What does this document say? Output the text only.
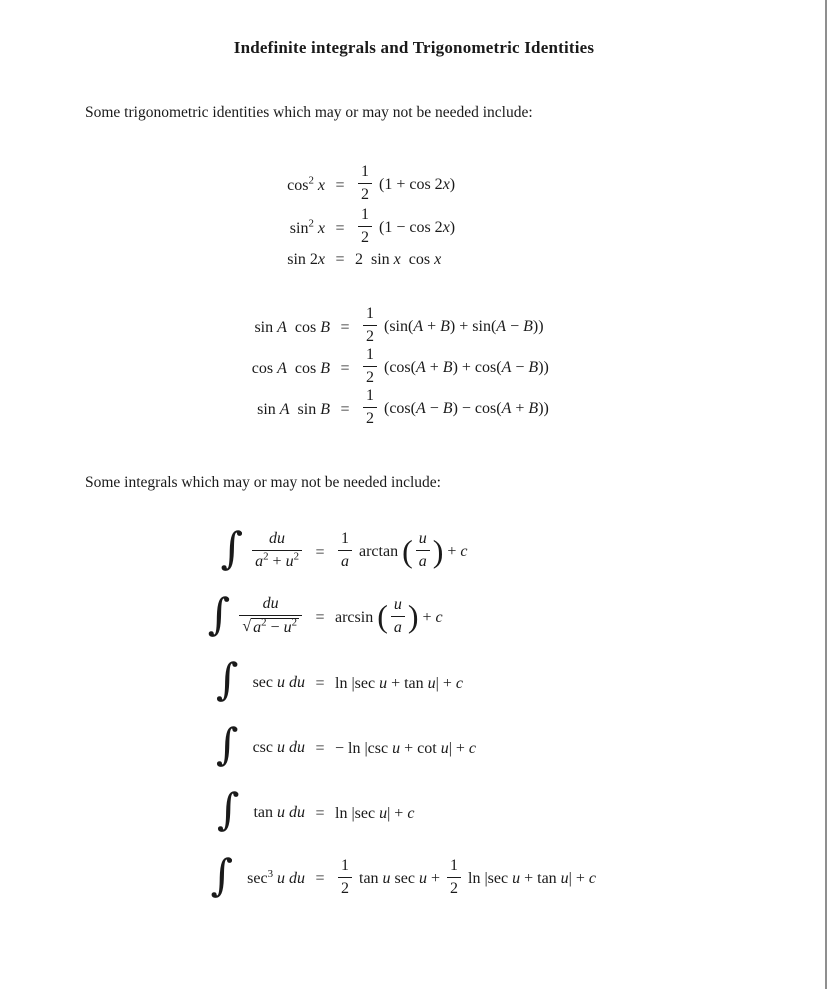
Indefinite integrals and Trigonometric Identities

Some trigonometric identities which may or may not be needed include:

$\cos^2 x = \frac{1}{2} (1 + \cos 2x)$
$\sin^2 x = \frac{1}{2} (1 - \cos 2x)$
sin 2x = 2  sin x  cos x
sin A  $\cos B = \frac{1}{2} (\sin(A + B) + \sin(A - B))$
cos A  $\cos B = \frac{1}{2} (\cos(A + B) + \cos(A - B))$
sin A  $\sin B = \frac{1}{2} (\cos(A - B) - \cos(A + B))$

Some integrals which may or may not be needed include:

∫ $\frac{du}{a^2 + u^2} = \frac{1}{a}$ arctan ( $\frac{u}{a}$ ) + c
∫ $\frac{du}{√ a^2 - u^2} = \arcsin$ ( $\frac{u}{a}$ ) + c
∫  sec u du = ln |sec u + tan u| + c
∫  csc u du = − ln |csc u + cot u| + c
∫  tan u du = ln |sec u| + c
∫  $\sec^3 u$ du = $\frac{1}{2}$ tan u $\sec u + \frac{1}{2}$ ln |sec u + tan u| + c
